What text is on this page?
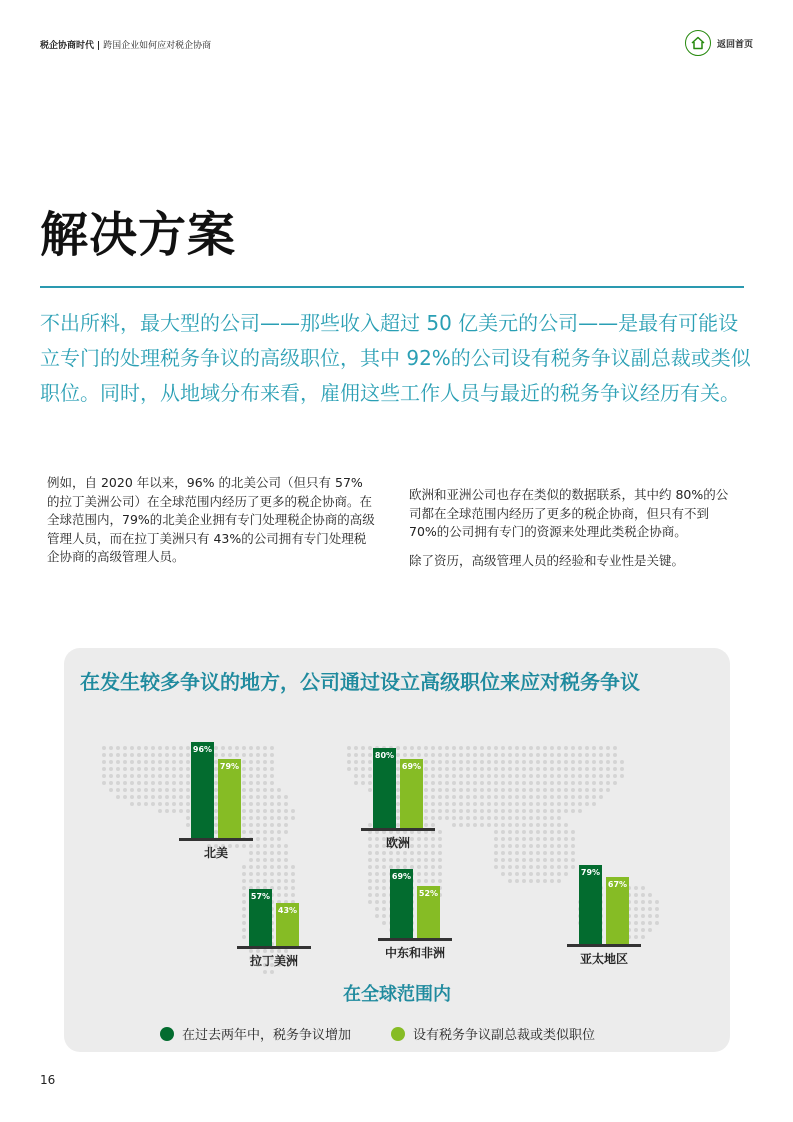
税企协商时代 | 跨国企业如何应对税企协商	返回首页
解决方案

不出所料，最大型的公司——那些收入超过 50 亿美元的公司——是最有可能设立专门的处理税务争议的高级职位，其中 92%的公司设有税务争议副总裁或类似职位。同时，从地域分布来看，雇佣这些工作人员与最近的税务争议经历有关。

例如，自 2020 年以来，96% 的北美公司（但只有 57% 的拉丁美洲公司）在全球范围内经历了更多的税企协商。在全球范围内，79%的北美企业拥有专门处理税企协商的高级管理人员，而在拉丁美洲只有 43%的公司拥有专门处理税企协商的高级管理人员。

欧洲和亚洲公司也存在类似的数据联系，其中约 80%的公司都在全球范围内经历了更多的税企协商，但只有不到 70%的公司拥有专门的资源来处理此类税企协商。

除了资历，高级管理人员的经验和专业性是关键。

在发生较多争议的地方，公司通过设立高级职位来应对税务争议
96%
79%
北美
80%
69%
欧洲
57%
43%
拉丁美洲
69%
52%
中东和非洲
79%
67%
亚太地区
在全球范围内
在过去两年中，税务争议增加	设有税务争议副总裁或类似职位
16
